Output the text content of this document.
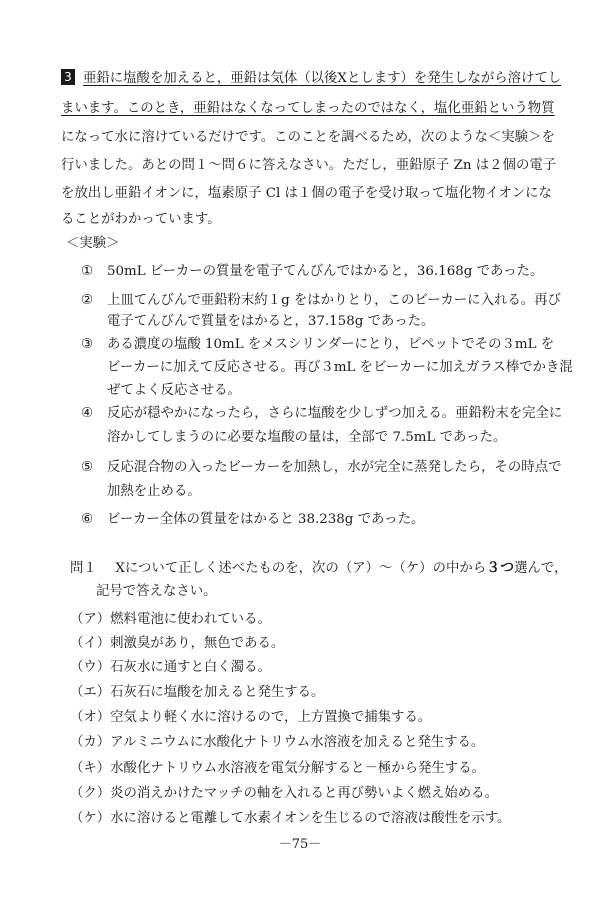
3 亜鉛に塩酸を加えると，亜鉛は気体（以後Xとします）を発生しながら溶けてし
まいます。このとき，亜鉛はなくなってしまったのではなく，塩化亜鉛という物質
になって水に溶けているだけです。このことを調べるため，次のような＜実験＞を
行いました。あとの問１～問６に答えなさい。ただし，亜鉛原子 Zn は２個の電子
を放出し亜鉛イオンに，塩素原子 Cl は１個の電子を受け取って塩化物イオンにな
ることがわかっています。
＜実験＞
① 50mL ビーカーの質量を電子てんびんではかると，36.168g であった。
② 上皿てんびんで亜鉛粉末約１g をはかりとり，このビーカーに入れる。再び
電子てんびんで質量をはかると，37.158g であった。
③ ある濃度の塩酸 10mL をメスシリンダーにとり，ピペットでその３mL を
ビーカーに加えて反応させる。再び３mL をビーカーに加えガラス棒でかき混
ぜてよく反応させる。
④ 反応が穏やかになったら，さらに塩酸を少しずつ加える。亜鉛粉末を完全に
溶かしてしまうのに必要な塩酸の量は，全部で 7.5mL であった。
⑤ 反応混合物の入ったビーカーを加熱し，水が完全に蒸発したら，その時点で
加熱を止める。
⑥ ビーカー全体の質量をはかると 38.238g であった。
問１ Xについて正しく述べたものを，次の（ア）～（ケ）の中から３つ選んで，
記号で答えなさい。
（ア）燃料電池に使われている。
（イ）刺激臭があり，無色である。
（ウ）石灰水に通すと白く濁る。
（エ）石灰石に塩酸を加えると発生する。
（オ）空気より軽く水に溶けるので，上方置換で捕集する。
（カ）アルミニウムに水酸化ナトリウム水溶液を加えると発生する。
（キ）水酸化ナトリウム水溶液を電気分解すると－極から発生する。
（ク）炎の消えかけたマッチの軸を入れると再び勢いよく燃え始める。
（ケ）水に溶けると電離して水素イオンを生じるので溶液は酸性を示す。
－75－
